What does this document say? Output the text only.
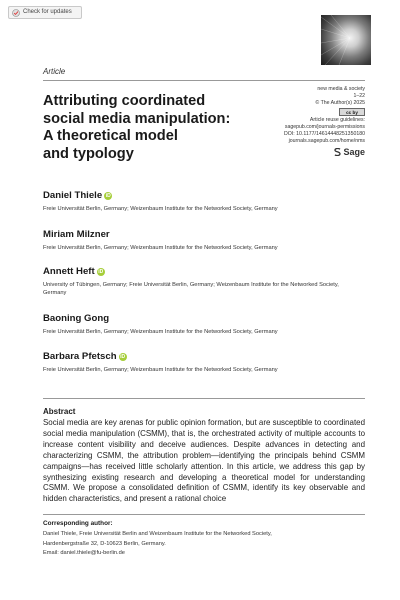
Check for updates
Article
Attributing coordinated
social media manipulation:
A theoretical model
and typology
new media & society
1–22
© The Author(s) 2025
cc by
Article reuse guidelines:
sagepub.com/journals-permissions
DOI: 10.1177/14614448251350180
journals.sagepub.com/home/nms
Sage
Daniel Thiele iD
Freie Universität Berlin, Germany; Weizenbaum Institute for the Networked Society, Germany
Miriam Milzner
Freie Universität Berlin, Germany; Weizenbaum Institute for the Networked Society, Germany
Annett Heft iD
University of Tübingen, Germany; Freie Universität Berlin, Germany; Weizenbaum Institute for the Networked Society, Germany
Baoning Gong
Freie Universität Berlin, Germany; Weizenbaum Institute for the Networked Society, Germany
Barbara Pfetsch iD
Freie Universität Berlin, Germany; Weizenbaum Institute for the Networked Society, Germany
Abstract
Social media are key arenas for public opinion formation, but are susceptible to coordinated social media manipulation (CSMM), that is, the orchestrated activity of multiple accounts to increase content visibility and deceive audiences. Despite advances in detecting and characterizing CSMM, the attribution problem—identifying the principals behind CSMM campaigns—has received little scholarly attention. In this article, we address this gap by synthesizing existing research and developing a theoretical model for understanding CSMM. We propose a consolidated definition of CSMM, identify its key observable and hidden characteristics, and present a rational choice
Corresponding author:
Daniel Thiele, Freie Universität Berlin and Weizenbaum Institute for the Networked Society,
Hardenbergstraße 32, D-10623 Berlin, Germany.
Email: daniel.thiele@fu-berlin.de
